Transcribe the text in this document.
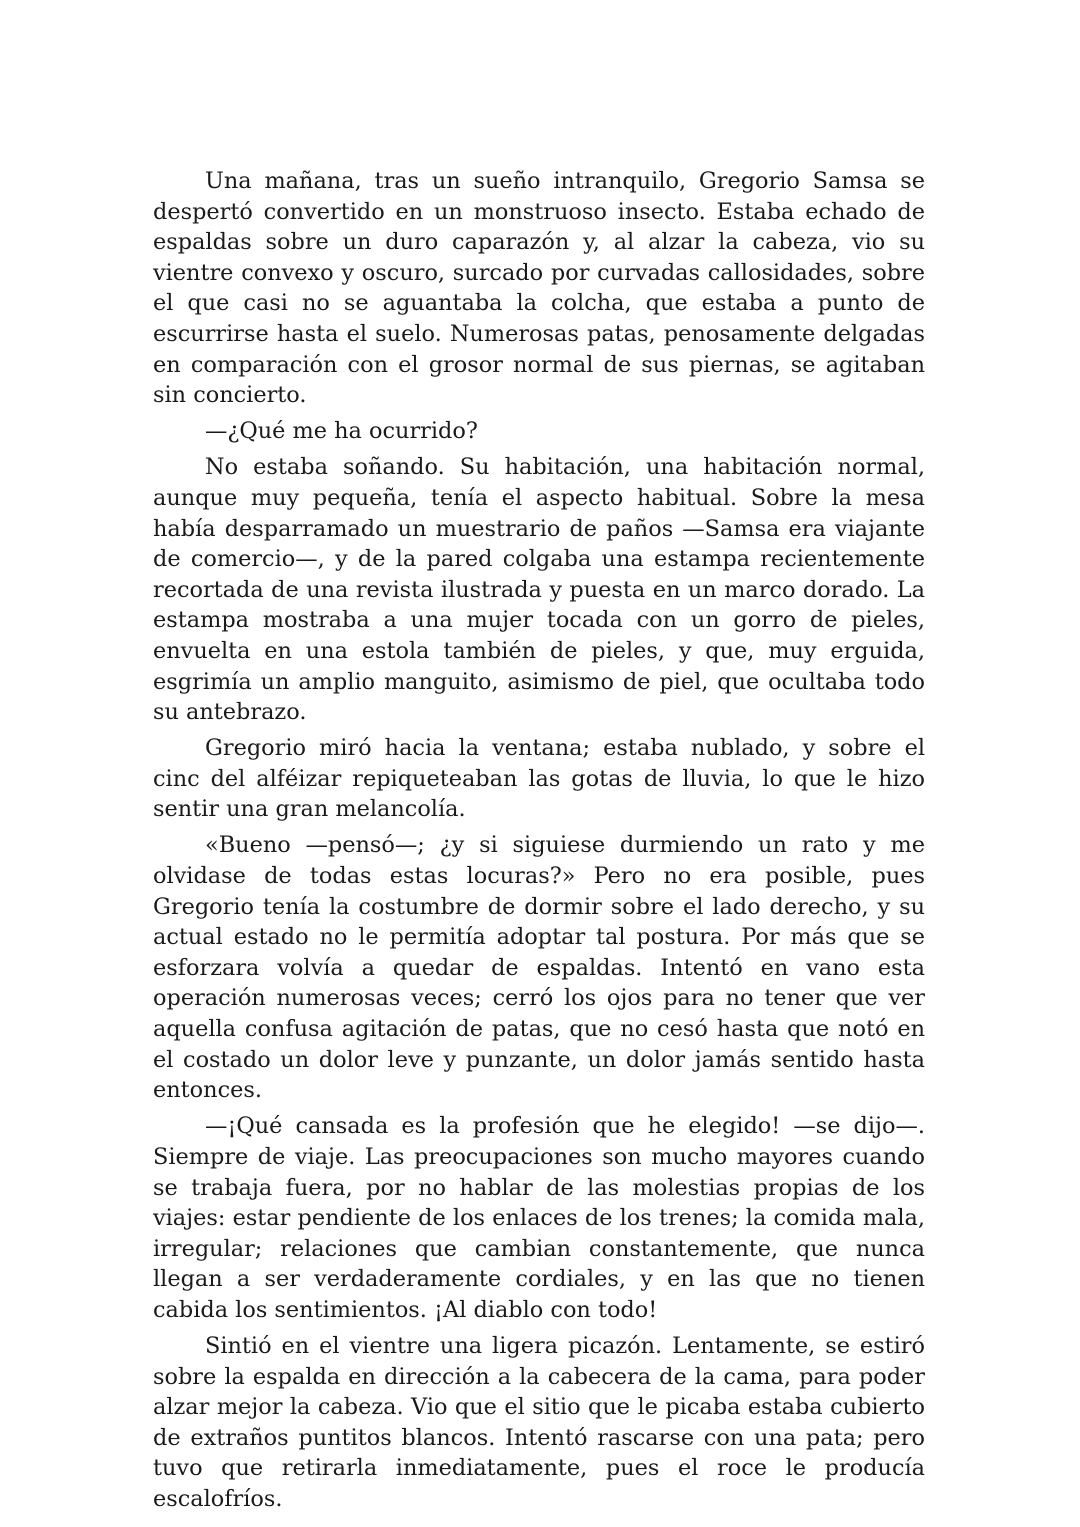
Una mañana, tras un sueño intranquilo, Gregorio Samsa se despertó convertido en un monstruoso insecto. Estaba echado de espaldas sobre un duro caparazón y, al alzar la cabeza, vio su vientre convexo y oscuro, surcado por curvadas callosidades, sobre el que casi no se aguantaba la colcha, que estaba a punto de escurrirse hasta el suelo. Numerosas patas, penosamente delgadas en comparación con el grosor normal de sus piernas, se agitaban sin concierto.

—¿Qué me ha ocurrido?

No estaba soñando. Su habitación, una habitación normal, aunque muy pequeña, tenía el aspecto habitual. Sobre la mesa había desparramado un muestrario de paños —Samsa era viajante de comercio—, y de la pared colgaba una estampa recientemente recortada de una revista ilustrada y puesta en un marco dorado. La estampa mostraba a una mujer tocada con un gorro de pieles, envuelta en una estola también de pieles, y que, muy erguida, esgrimía un amplio manguito, asimismo de piel, que ocultaba todo su antebrazo.

Gregorio miró hacia la ventana; estaba nublado, y sobre el cinc del alféizar repiqueteaban las gotas de lluvia, lo que le hizo sentir una gran melancolía.

«Bueno —pensó—; ¿y si siguiese durmiendo un rato y me olvidase de todas estas locuras?» Pero no era posible, pues Gregorio tenía la costumbre de dormir sobre el lado derecho, y su actual estado no le permitía adoptar tal postura. Por más que se esforzara volvía a quedar de espaldas. Intentó en vano esta operación numerosas veces; cerró los ojos para no tener que ver aquella confusa agitación de patas, que no cesó hasta que notó en el costado un dolor leve y punzante, un dolor jamás sentido hasta entonces.

—¡Qué cansada es la profesión que he elegido! —se dijo—. Siempre de viaje. Las preocupaciones son mucho mayores cuando se trabaja fuera, por no hablar de las molestias propias de los viajes: estar pendiente de los enlaces de los trenes; la comida mala, irregular; relaciones que cambian constantemente, que nunca llegan a ser verdaderamente cordiales, y en las que no tienen cabida los sentimientos. ¡Al diablo con todo!

Sintió en el vientre una ligera picazón. Lentamente, se estiró sobre la espalda en dirección a la cabecera de la cama, para poder alzar mejor la cabeza. Vio que el sitio que le picaba estaba cubierto de extraños puntitos blancos. Intentó rascarse con una pata; pero tuvo que retirarla inmediatamente, pues el roce le producía escalofríos.
